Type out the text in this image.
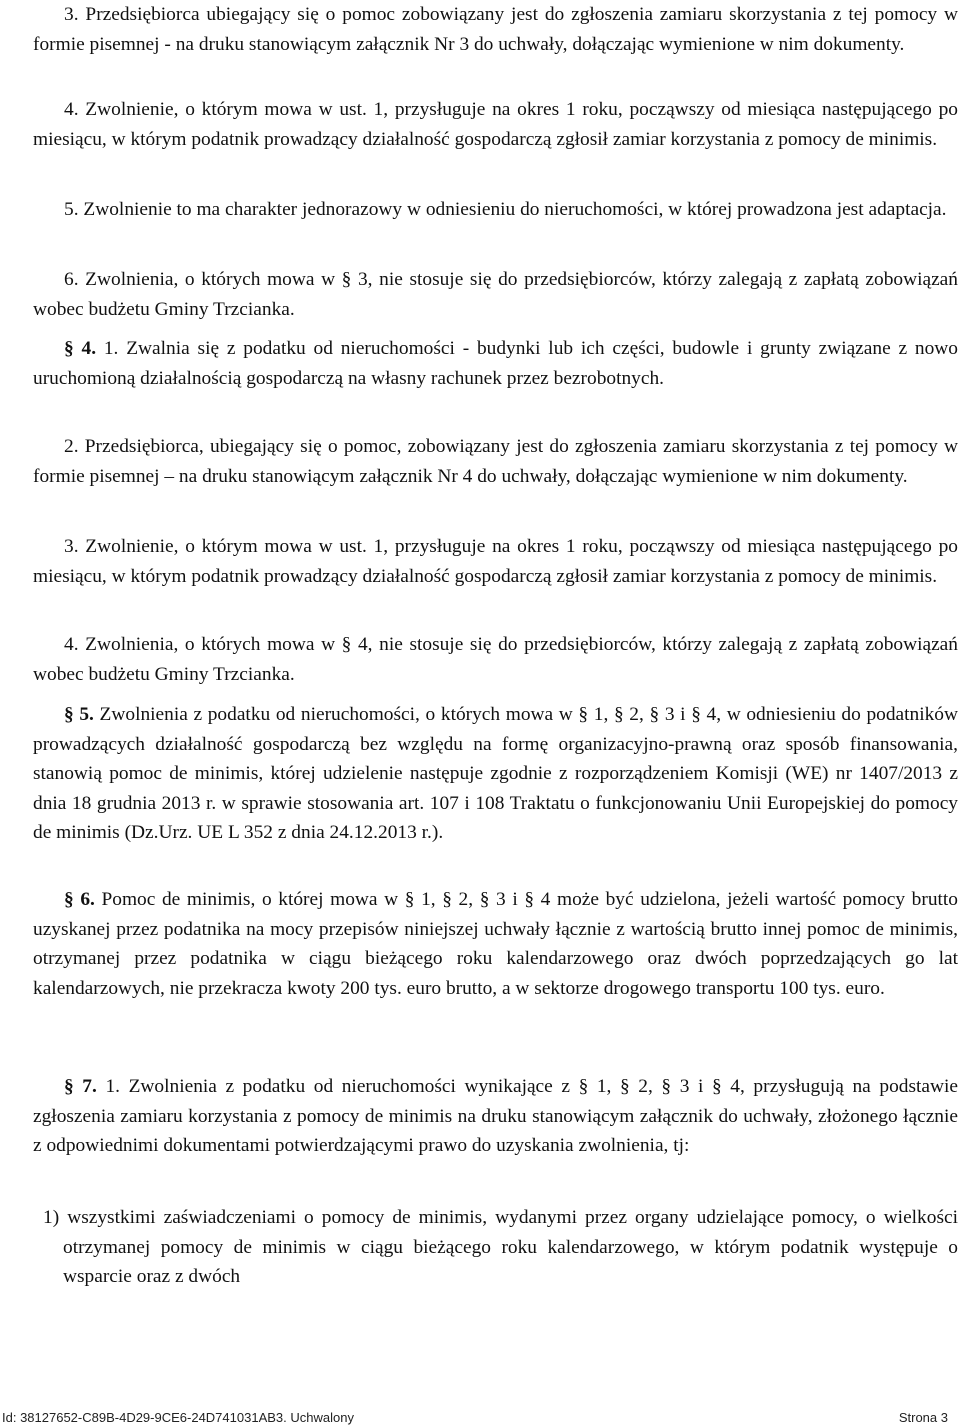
3. Przedsiębiorca ubiegający się o pomoc zobowiązany jest do zgłoszenia zamiaru skorzystania z tej pomocy w formie pisemnej - na druku stanowiącym załącznik Nr 3 do uchwały, dołączając wymienione w nim dokumenty.

4. Zwolnienie, o którym mowa w ust. 1, przysługuje na okres 1 roku, począwszy od miesiąca następującego po miesiącu, w którym podatnik prowadzący działalność gospodarczą zgłosił zamiar korzystania z pomocy de minimis.

5. Zwolnienie to ma charakter jednorazowy w odniesieniu do nieruchomości, w której prowadzona jest adaptacja.

6. Zwolnienia, o których mowa w § 3, nie stosuje się do przedsiębiorców, którzy zalegają z zapłatą zobowiązań wobec budżetu Gminy Trzcianka.

§ 4. 1. Zwalnia się z podatku od nieruchomości - budynki lub ich części, budowle i grunty związane z nowo uruchomioną działalnością gospodarczą na własny rachunek przez bezrobotnych.

2. Przedsiębiorca, ubiegający się o pomoc, zobowiązany jest do zgłoszenia zamiaru skorzystania z tej pomocy w formie pisemnej – na druku stanowiącym załącznik Nr 4 do uchwały, dołączając wymienione w nim dokumenty.

3. Zwolnienie, o którym mowa w ust. 1, przysługuje na okres 1 roku, począwszy od miesiąca następującego po miesiącu, w którym podatnik prowadzący działalność gospodarczą zgłosił zamiar korzystania z pomocy de minimis.

4. Zwolnienia, o których mowa w § 4, nie stosuje się do przedsiębiorców, którzy zalegają z zapłatą zobowiązań wobec budżetu Gminy Trzcianka.

§ 5. Zwolnienia z podatku od nieruchomości, o których mowa w § 1, § 2, § 3 i § 4, w odniesieniu do podatników prowadzących działalność gospodarczą bez względu na formę organizacyjno-prawną oraz sposób finansowania, stanowią pomoc de minimis, której udzielenie następuje zgodnie z rozporządzeniem Komisji (WE) nr 1407/2013 z dnia 18 grudnia 2013 r. w sprawie stosowania art. 107 i 108 Traktatu o funkcjonowaniu Unii Europejskiej do pomocy de minimis (Dz.Urz. UE L 352 z dnia 24.12.2013 r.).

§ 6. Pomoc de minimis, o której mowa w § 1, § 2, § 3 i § 4 może być udzielona, jeżeli wartość pomocy brutto uzyskanej przez podatnika na mocy przepisów niniejszej uchwały łącznie z wartością brutto innej pomoc de minimis, otrzymanej przez podatnika w ciągu bieżącego roku kalendarzowego oraz dwóch poprzedzających go lat kalendarzowych, nie przekracza kwoty 200 tys. euro brutto, a w sektorze drogowego transportu 100 tys. euro.

§ 7. 1. Zwolnienia z podatku od nieruchomości wynikające z § 1, § 2, § 3 i § 4, przysługują na podstawie zgłoszenia zamiaru korzystania z pomocy de minimis na druku stanowiącym załącznik do uchwały, złożonego łącznie z odpowiednimi dokumentami potwierdzającymi prawo do uzyskania zwolnienia, tj:

1) wszystkimi zaświadczeniami o pomocy de minimis, wydanymi przez organy udzielające pomocy, o wielkości otrzymanej pomocy de minimis w ciągu bieżącego roku kalendarzowego, w którym podatnik występuje o wsparcie oraz z dwóch

Id: 38127652-C89B-4D29-9CE6-24D741031AB3. Uchwalony	Strona 3
